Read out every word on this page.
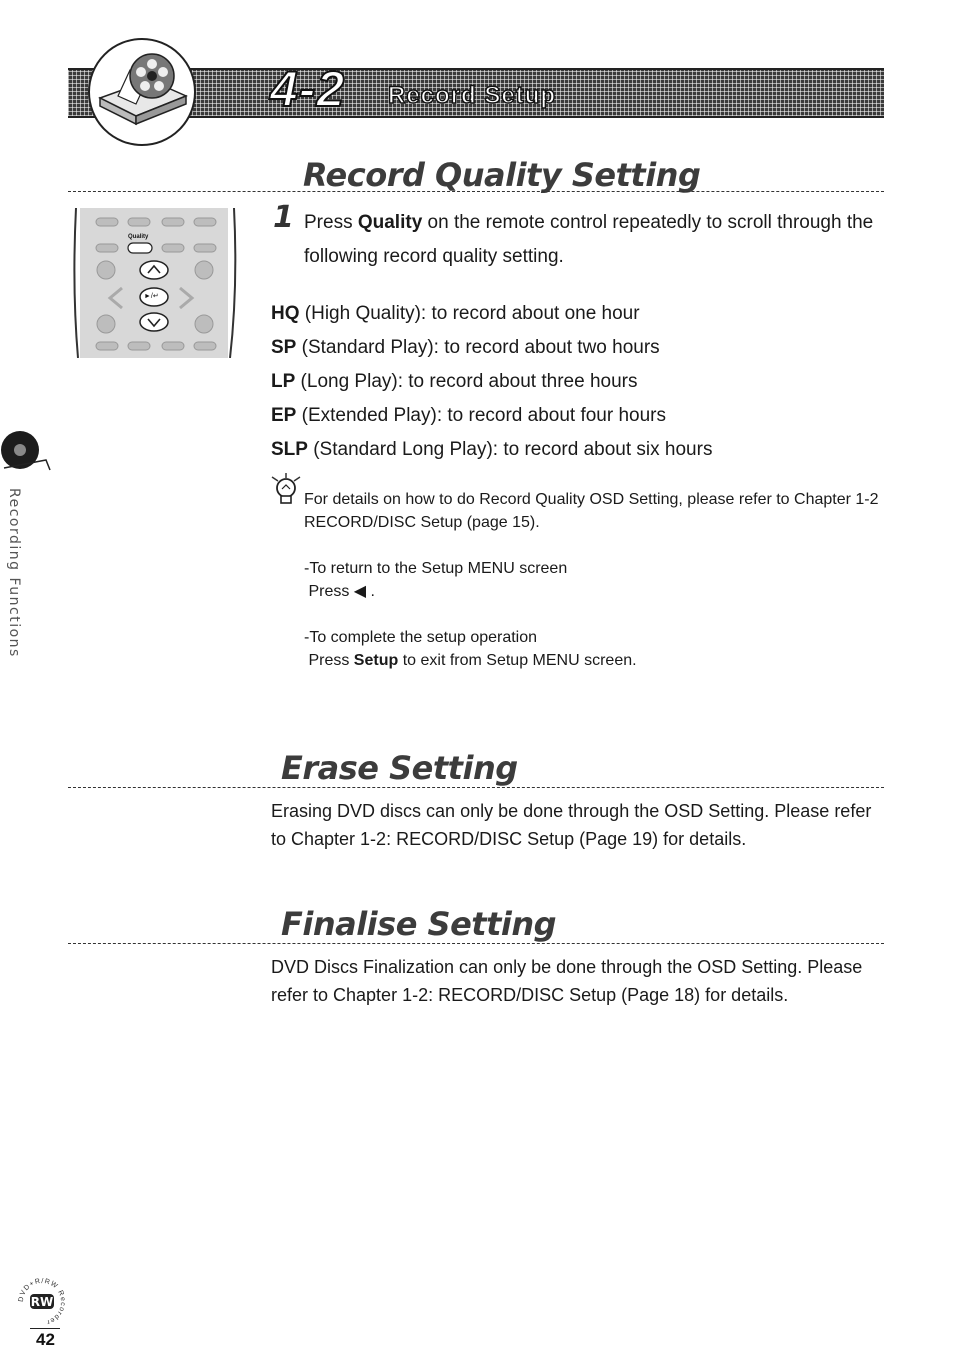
4-2 Record Setup
Recording Functions
Record Quality Setting
Quality
►/↵
1 Press Quality on the remote control repeatedly to scroll through the following record quality setting.
HQ (High Quality): to record about one hour
SP (Standard Play): to record about two hours
LP (Long Play): to record about three hours
EP (Extended Play): to record about four hours
SLP (Standard Long Play): to record about six hours
For details on how to do Record Quality OSD Setting, please refer to Chapter 1-2 RECORD/DISC Setup (page 15).
-To return to the Setup MENU screen
Press ◀ .
-To complete the setup operation
Press Setup to exit from Setup MENU screen.
Erase Setting
Erasing DVD discs can only be done through the OSD Setting. Please refer to Chapter 1-2: RECORD/DISC Setup (Page 19) for details.
Finalise Setting
DVD Discs Finalization can only be done through the OSD Setting. Please refer to Chapter 1-2: RECORD/DISC Setup (Page 18) for details.
DVD+R/RW Recorder
RW
42
